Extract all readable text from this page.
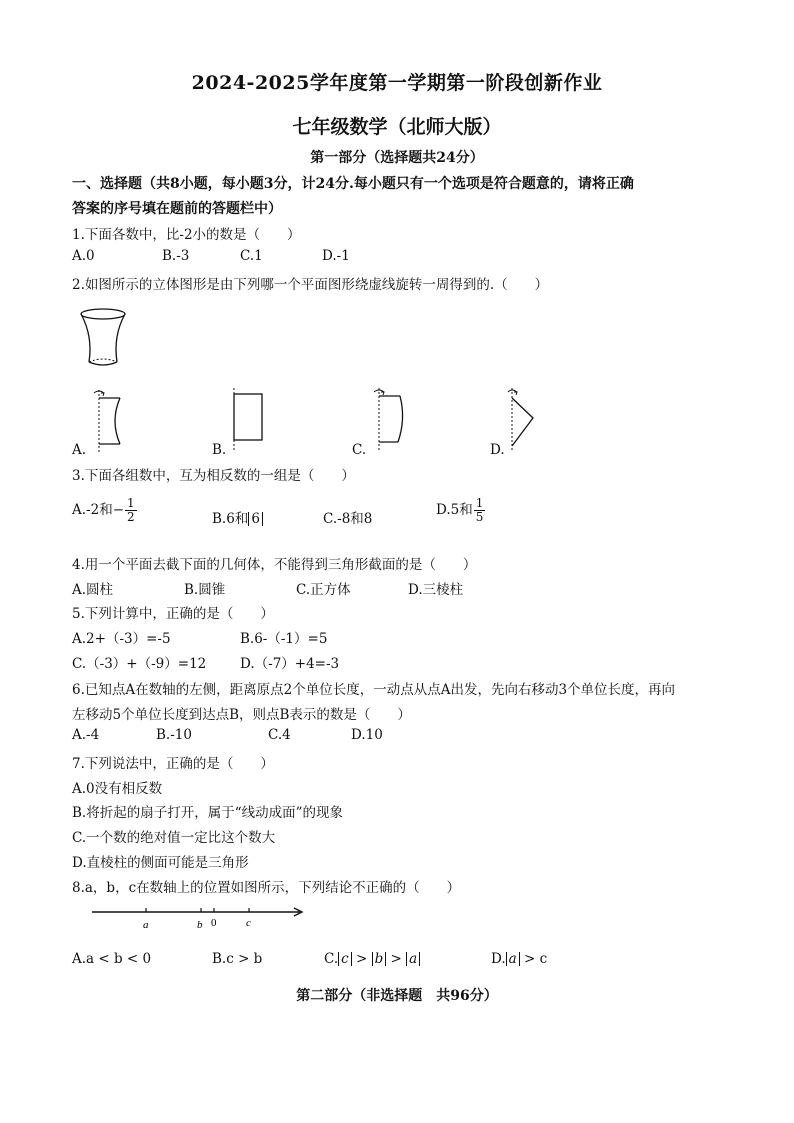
2024-2025学年度第一学期第一阶段创新作业
七年级数学（北师大版）
第一部分（选择题共24分）
一、选择题（共8小题，每小题3分，计24分.每小题只有一个选项是符合题意的，请将正确
答案的序号填在题前的答题栏中）
1.下面各数中，比-2小的数是（　　）
A.0	B.-3	C.1	D.-1
2.如图所示的立体图形是由下列哪一个平面图形绕虚线旋转一周得到的.（　　）
A.	B.	C.	D.
3.下面各组数中，互为相反数的一组是（　　）
A.-2和− $\frac{1}{2}$	B.6和 6	C.-8和8
D.5和 $\frac{1}{5}$
4.用一个平面去截下面的几何体，不能得到三角形截面的是（　　）
A.圆柱	B.圆锥	C.正方体	D.三棱柱
5.下列计算中，正确的是（　　）
A.2+（-3）=-5	B.6-（-1）=5
C.（-3）+（-9）=12	D.（-7）+4=-3
6.已知点A在数轴的左侧，距离原点2个单位长度，一动点从点A出发，先向右移动3个单位长度，再向
左移动5个单位长度到达点B，则点B表示的数是（　　）
A.-4	B.-10	C.4	D.10
7.下列说法中，正确的是（　　）
A.0没有相反数
B.将折起的扇子打开，属于“线动成面”的现象
C.一个数的绝对值一定比这个数大
D.直棱柱的侧面可能是三角形
8.a，b，c在数轴上的位置如图所示，下列结论不正确的（　　）
a	b 0	c
A.a < b < 0	B.c > b	C. c > b > a	D. a > c
第二部分（非选择题　共96分）
